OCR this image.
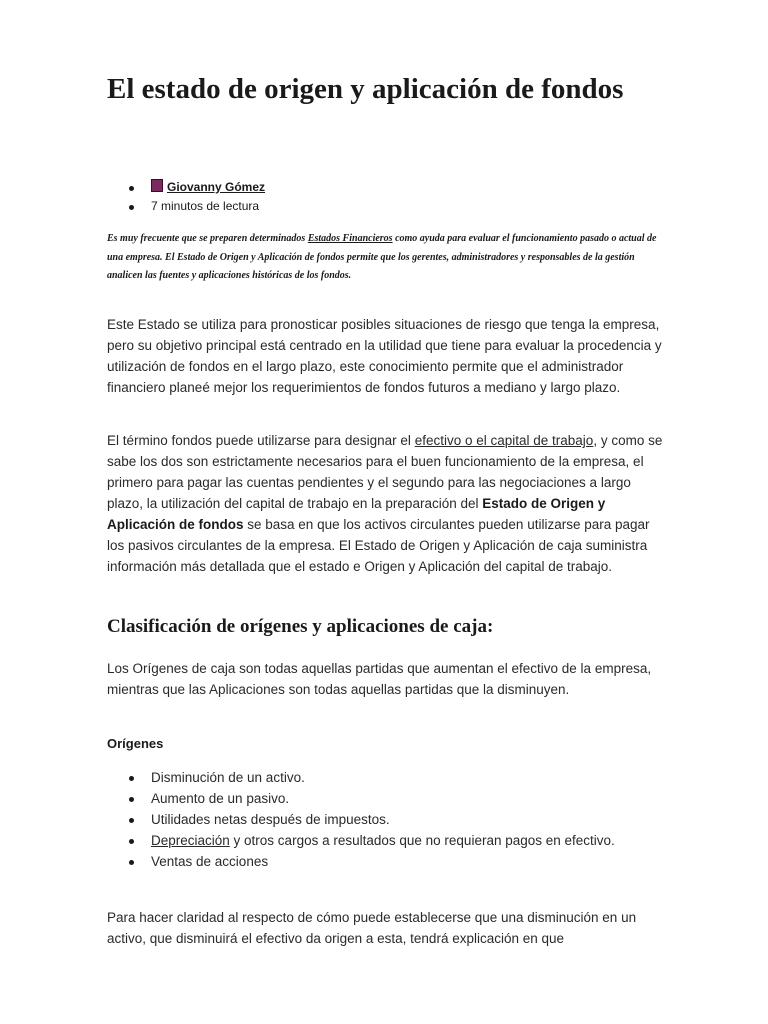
El estado de origen y aplicación de fondos
Giovanny Gómez
7 minutos de lectura

Es muy frecuente que se preparen determinados Estados Financieros como ayuda para evaluar el funcionamiento pasado o actual de una empresa. El Estado de Origen y Aplicación de fondos permite que los gerentes, administradores y responsables de la gestión analicen las fuentes y aplicaciones históricas de los fondos.

Este Estado se utiliza para pronosticar posibles situaciones de riesgo que tenga la empresa, pero su objetivo principal está centrado en la utilidad que tiene para evaluar la procedencia y utilización de fondos en el largo plazo, este conocimiento permite que el administrador financiero planeé mejor los requerimientos de fondos futuros a mediano y largo plazo.

El término fondos puede utilizarse para designar el efectivo o el capital de trabajo, y como se sabe los dos son estrictamente necesarios para el buen funcionamiento de la empresa, el primero para pagar las cuentas pendientes y el segundo para las negociaciones a largo plazo, la utilización del capital de trabajo en la preparación del Estado de Origen y Aplicación de fondos se basa en que los activos circulantes pueden utilizarse para pagar los pasivos circulantes de la empresa. El Estado de Origen y Aplicación de caja suministra información más detallada que el estado e Origen y Aplicación del capital de trabajo.

Clasificación de orígenes y aplicaciones de caja:

Los Orígenes de caja son todas aquellas partidas que aumentan el efectivo de la empresa, mientras que las Aplicaciones son todas aquellas partidas que la disminuyen.

Orígenes
Disminución de un activo.
Aumento de un pasivo.
Utilidades netas después de impuestos.
Depreciación y otros cargos a resultados que no requieran pagos en efectivo.
Ventas de acciones

Para hacer claridad al respecto de cómo puede establecerse que una disminución en un activo, que disminuirá el efectivo da origen a esta, tendrá explicación en que
